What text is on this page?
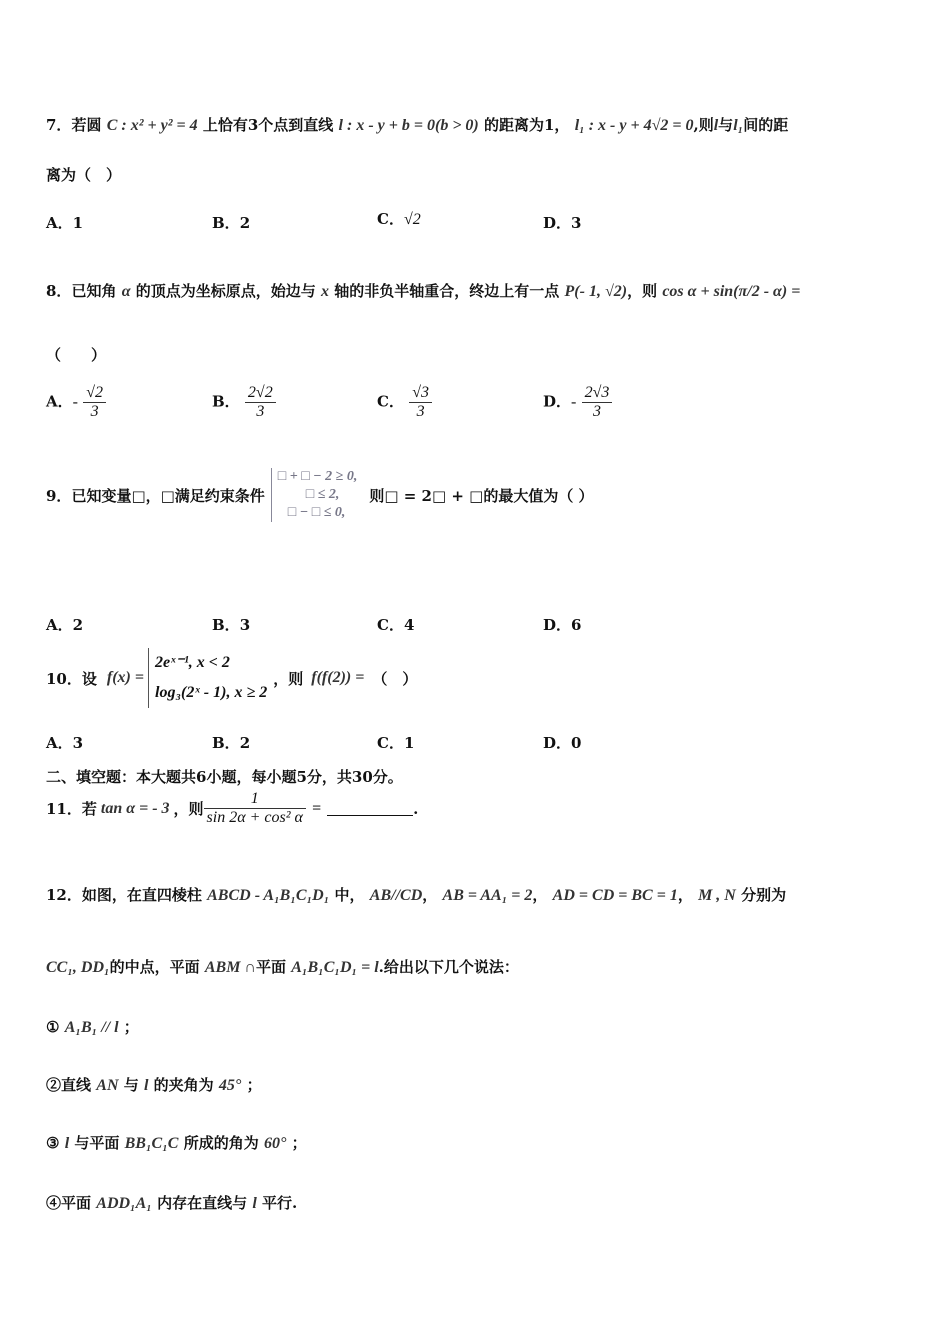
7．若圆 C : x² + y² = 4 上恰有3个点到直线 l : x - y + b = 0(b > 0) 的距离为1， l₁ : x - y + 4√2 = 0,则l与l₁间的距
离为（　）
A．1	B．2	C．√2	D．3
8．已知角 α 的顶点为坐标原点，始边与 x 轴的非负半轴重合，终边上有一点 P(- 1, √2)，则 cos α + sin(π/2 - α) =
（　　）
A．- $\frac{√2}{3}$	B． $\frac{2√2}{3}$	C． $\frac{√3}{3}$	D．- $\frac{2√3}{3}$
9． 已知变量□，□满足约束条件
□ + □ − 2 ≥ 0,
□ ≤ 2,
□ − □ ≤ 0,
则□ = 2□ + □的最大值为（ ）
A．2	B．3	C．4	D．6
10． 设 f(x) =
2eˣ⁻¹, x < 2
log₃(2ˣ - 1), x ≥ 2
，则 f(f(2)) = （　）
A．3	B．2	C．1	D．0
二、填空题：本大题共6小题，每小题5分，共30分。
11． 若 tan α = - 3 ，则 $\frac{1}{\text{sin 2α + cos² α}}$ =	.
12．如图，在直四棱柱 ABCD - A₁B₁C₁D₁ 中， AB//CD， AB = AA₁ = 2， AD = CD = BC = 1， M , N 分别为
CC₁, DD₁的中点，平面 ABM ∩平面 A₁B₁C₁D₁ = l.给出以下几个说法：
① A₁B₁ // l ；
②直线 AN 与 l 的夹角为 45° ；
③ l 与平面 BB₁C₁C 所成的角为 60° ；
④平面 ADD₁A₁ 内存在直线与 l 平行.
